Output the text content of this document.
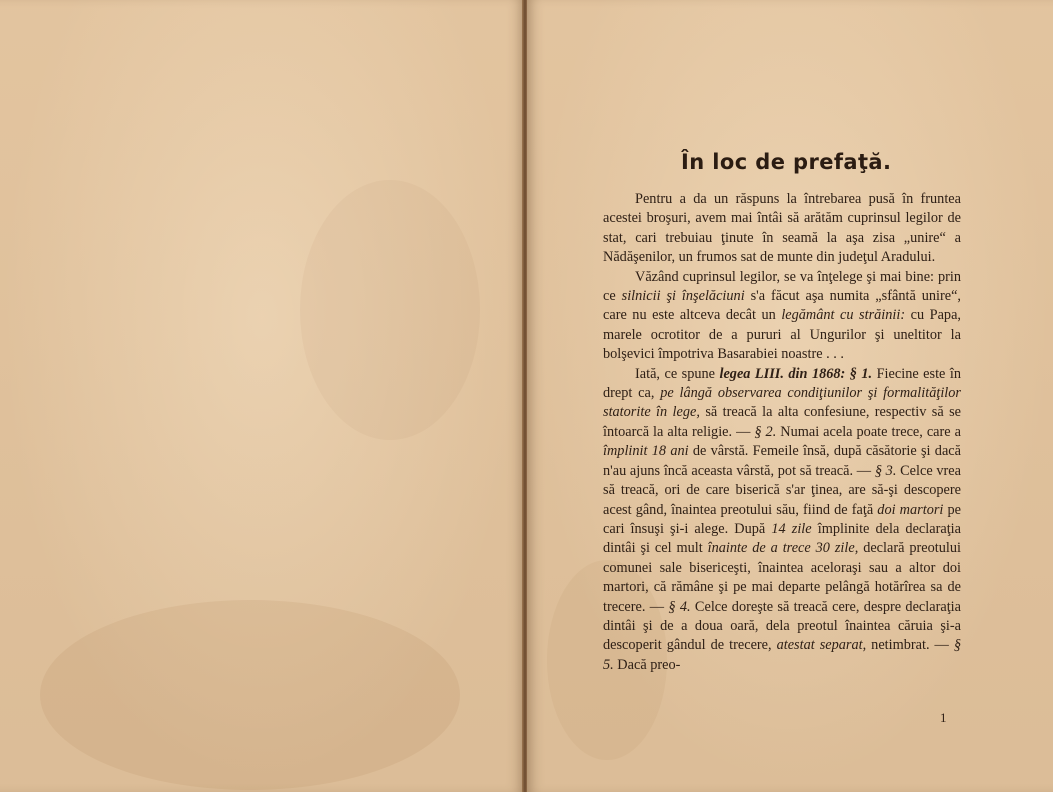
În loc de prefaţă.

Pentru a da un răspuns la întrebarea pusă în fruntea acestei broşuri, avem mai întâi să arătăm cuprinsul legilor de stat, cari trebuiau ţinute în seamă la aşa zisa „unire“ a Nădăşenilor, un frumos sat de munte din judeţul Aradului.

Văzând cuprinsul legilor, se va înţelege şi mai bine: prin ce silnicii şi înşelăciuni s'a făcut aşa numita „sfântă unire“, care nu este altceva decât un legământ cu străinii: cu Papa, marele ocrotitor de a pururi al Ungurilor şi uneltitor la bolşevici împotriva Basarabiei noastre . . .

Iată, ce spune legea LIII. din 1868: § 1. Fiecine este în drept ca, pe lângă observarea condiţiunilor şi formalităţilor statorite în lege, să treacă la alta confesiune, respectiv să se întoarcă la alta religie. — § 2. Numai acela poate trece, care a împlinit 18 ani de vârstă. Femeile însă, după căsătorie şi dacă n'au ajuns încă aceasta vârstă, pot să treacă. — § 3. Celce vrea să treacă, ori de care biserică s'ar ţinea, are să-şi descopere acest gând, înaintea preotului său, fiind de faţă doi martori pe cari însuşi şi-i alege. După 14 zile împlinite dela declaraţia dintâi şi cel mult înainte de a trece 30 zile, declară preotului comunei sale bisericeşti, înaintea aceloraşi sau a altor doi martori, că rămâne şi pe mai departe pelângă hotărîrea sa de trecere. — § 4. Celce doreşte să treacă cere, despre declaraţia dintâi şi de a doua oară, dela preotul înaintea căruia şi-a descoperit gândul de trecere, atestat separat, netimbrat. — § 5. Dacă preo-

1
